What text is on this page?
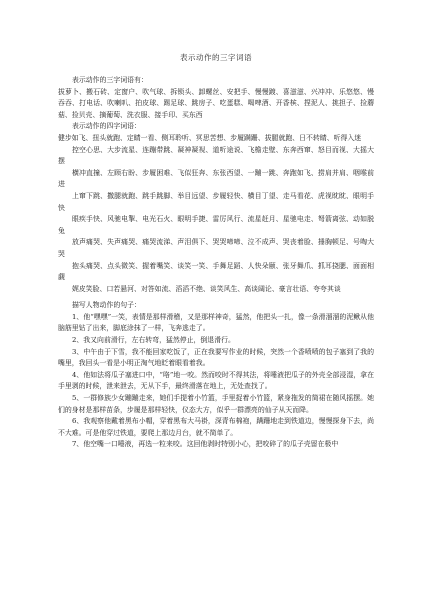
表示动作的三字词语

表示动作的三字词语有：

拔萝卜、搬石砖、定窗户、吹气球、拆锁头、卸螺丝、安把手、慢慢踱、喜滋滋、兴冲冲、乐悠悠、慢吞吞、打电话、吹喇叭、拍皮球、踢足球、跳房子、吃蛋糕、喝啤酒、开香槟、捏泥人、挑担子、捡蘑菇、捡贝壳、摘葡萄、洗衣服、接手印、买东西

表示动作的四字词语：

健步如飞、扭头就跑、定睛一看、侧耳聆听、冥思苦想、步履蹒跚、拔腿就跑、日不转睛、听得入迷

控空心思、大步流星、连蹦带跳、凝神凝视、道听途说、飞檐走壁、东奔西窜、怒目而视、大摇大摆

横冲直撞、左顾右盼、步履困难、飞似狂奔、东张西望、一蹦一跳、奔跑如飞、捞肩并肩、咽喉前进

上窜下跳、撒腿就跑、跳手跳脚、举目远望、步履轻快、横目丁望、走马看花、虎视眈眈、眼明手快

眼疾手快、风驰电掣、电光石火、眼明手捷、雷厉风行、流星赶月、星驰电走、弩箭离弦、动如脱兔

放声痛哭、失声痛哭、痛哭流涕、声泪俱下、哭哭啼啼、泣不成声、哭丧着脸、捶胸顿足、号啕大哭

抱头痛哭、点头微笑、握着嘴笑、谈笑一笑、手舞足蹈、人快朵颐、张牙舞爪、抓耳挠腮、面面相觑

娓皮笑脸、口若悬河、对答如流、滔滔不绝、谈笑风生、高谈阔论、豪言壮语、夸夸其谈

描写人物动作的句子：

1、他“嘿嘿”一笑，表情是那样滑稽，又是那样神奇，猛然，他把头一扎，像一条滑溜溜的泥鳅从他脑筋里钻了出来，脚底涂抹了一样，飞奔逃走了。

2、我又向前滑行，左右转弯，猛然停止，倒退滑行。

3、中午由于下雪，我不能回家吃饭了，正在我要写作业的时候，突然一个香喷喷的包子塞到了我的嘴里，我回头一看是小明正淘气地眨着眼看着我。

4、他如法将瓜子塞进口中，“咯”地一咬。然而咬时不得其法，将唾液把瓜子的外壳全部浸湿，拿在手里剥的时候，泄来泄去，无从下手，最终滑落在地上，无处查找了。

5、一群修族少女蹦蹦走来，她们手提着小竹篮，手里捉着小竹篮，紧身拖发的简裙在随风摇摆。她们的身材是那样苗条，步履是那样轻快，仪态大方，似乎一群漂亮的仙子从天而降。

6、我观察他戴着黑布小帽，穿着黑布大马褂，深青布棉袍，蹒跚地走到铁道边，慢慢探身下去，尚不大难。可是他穿过铁道，要爬上那边月台，就不简单了。

7、他空嘴一口唾液，再选一粒来咬。这回他剥时特别小心，把咬碎了的瓜子壳留在极中
